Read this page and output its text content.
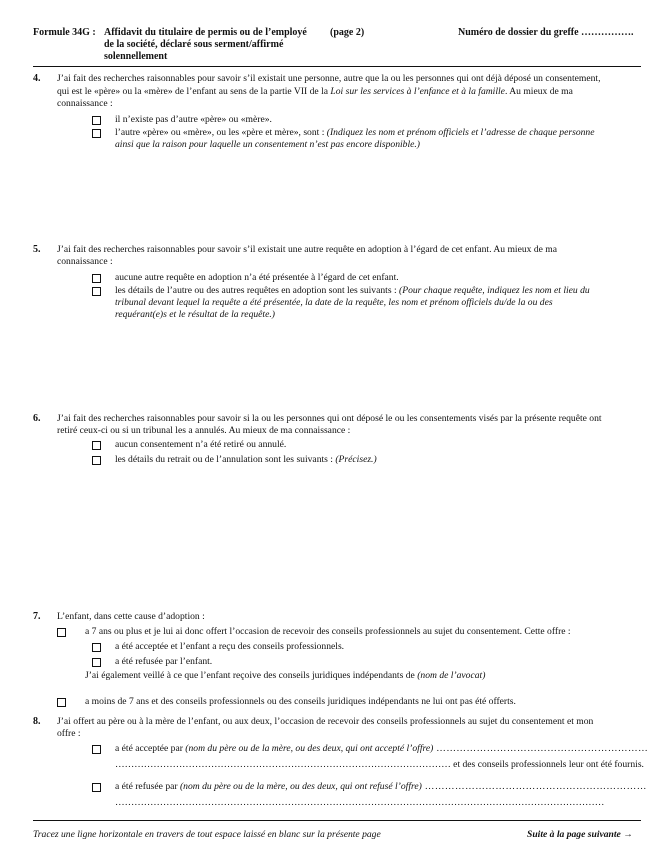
Formule 34G : Affidavit du titulaire de permis ou de l’employé
de la société, déclaré sous serment/affirmé
solennellement
(page 2)	Numéro de dossier du greffe …………….
4. J’ai fait des recherches raisonnables pour savoir s’il existait une personne, autre que la ou les personnes qui ont déjà déposé un consentement,
qui est le «père» ou la «mère» de l’enfant au sens de la partie VII de la Loi sur les services à l’enfance et à la famille. Au mieux de ma
connaissance :
il n’existe pas d’autre «père» ou «mère».
l’autre «père» ou «mère», ou les «père et mère», sont : (Indiquez les nom et prénom officiels et l’adresse de chaque personne
ainsi que la raison pour laquelle un consentement n’est pas encore disponible.)
5. J’ai fait des recherches raisonnables pour savoir s’il existait une autre requête en adoption à l’égard de cet enfant. Au mieux de ma
connaissance :
aucune autre requête en adoption n’a été présentée à l’égard de cet enfant.
les détails de l’autre ou des autres requêtes en adoption sont les suivants : (Pour chaque requête, indiquez les nom et lieu du
tribunal devant lequel la requête a été présentée, la date de la requête, les nom et prénom officiels du/de la ou des
requérant(e)s et le résultat de la requête.)
6. J’ai fait des recherches raisonnables pour savoir si la ou les personnes qui ont déposé le ou les consentements visés par la présente requête ont
retiré ceux-ci ou si un tribunal les a annulés. Au mieux de ma connaissance :
aucun consentement n’a été retiré ou annulé.
les détails du retrait ou de l’annulation sont les suivants : (Précisez.)
7. L’enfant, dans cette cause d’adoption :
a 7 ans ou plus et je lui ai donc offert l’occasion de recevoir des conseils professionnels au sujet du consentement. Cette offre :
a été acceptée et l’enfant a reçu des conseils professionnels.
a été refusée par l’enfant.
J’ai également veillé à ce que l’enfant reçoive des conseils juridiques indépendants de (nom de l’avocat)
a moins de 7 ans et des conseils professionnels ou des conseils juridiques indépendants ne lui ont pas été offerts.
8. J’ai offert au père ou à la mère de l’enfant, ou aux deux, l’occasion de recevoir des conseils professionnels au sujet du consentement et mon
offre :
a été acceptée par (nom du père ou de la mère, ou des deux, qui ont accepté l’offre) ………………………………………………………
…………………………………………………………………………………………… et des conseils professionnels leur ont été fournis.
a été refusée par (nom du père ou de la mère, ou des deux, qui ont refusé l’offre) …………………………………………………………
………………………………………………………………………………………………………………………………………
Tracez une ligne horizontale en travers de tout espace laissé en blanc sur la présente page	Suite à la page suivante →
